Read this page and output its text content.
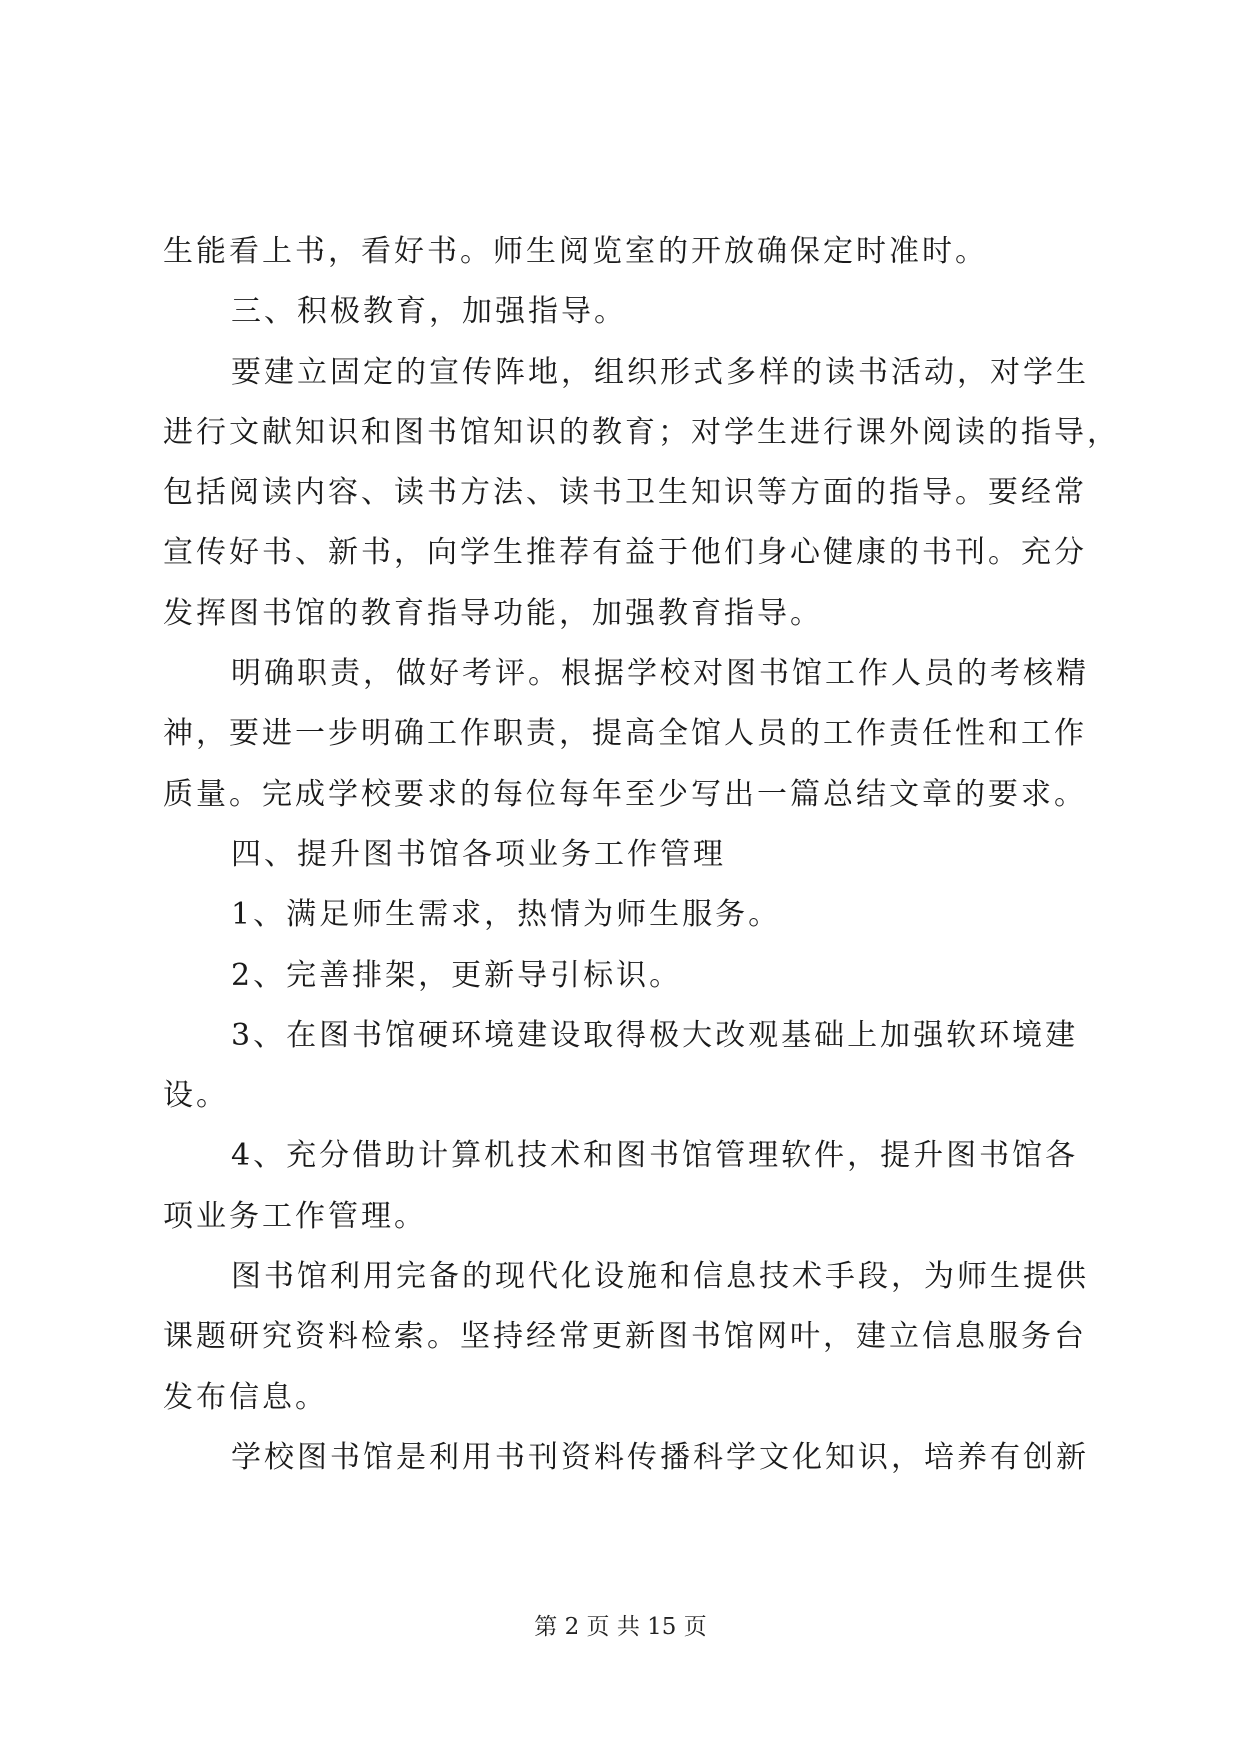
生能看上书，看好书。师生阅览室的开放确保定时准时。
三、积极教育，加强指导。
要建立固定的宣传阵地，组织形式多样的读书活动，对学生
进行文献知识和图书馆知识的教育；对学生进行课外阅读的指导，
包括阅读内容、读书方法、读书卫生知识等方面的指导。要经常
宣传好书、新书，向学生推荐有益于他们身心健康的书刊。充分
发挥图书馆的教育指导功能，加强教育指导。
明确职责，做好考评。根据学校对图书馆工作人员的考核精
神，要进一步明确工作职责，提高全馆人员的工作责任性和工作
质量。完成学校要求的每位每年至少写出一篇总结文章的要求。
四、提升图书馆各项业务工作管理
1、满足师生需求，热情为师生服务。
2、完善排架，更新导引标识。
3、在图书馆硬环境建设取得极大改观基础上加强软环境建
设。
4、充分借助计算机技术和图书馆管理软件，提升图书馆各
项业务工作管理。
图书馆利用完备的现代化设施和信息技术手段，为师生提供
课题研究资料检索。坚持经常更新图书馆网叶，建立信息服务台
发布信息。
学校图书馆是利用书刊资料传播科学文化知识，培养有创新
第 2 页 共 15 页
